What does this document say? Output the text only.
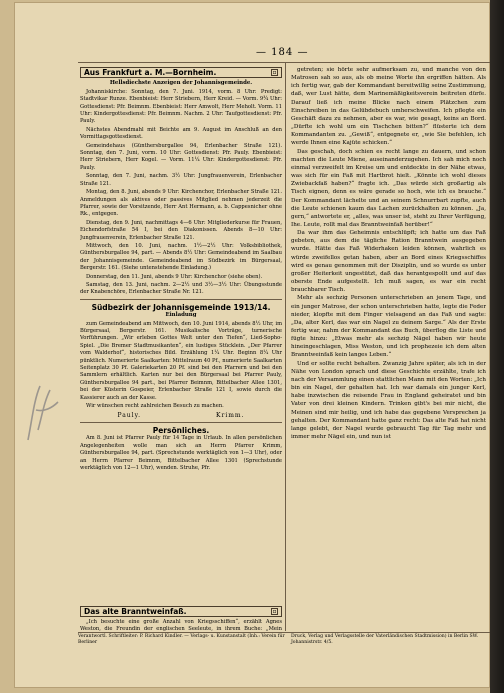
— 184 —
Aus Frankfurt a. M.—Bornheim.	▫
Hellsdiechste Anzeigen der Johannisgemeinde.

Johanniskirche: Sonntag, den 7. Juni. 1914, vorm. 8 Uhr: Predigt: Stadtvikar Runze. Ebenbieist: Herr Striebern, Herr Kreid. — Vorm. 9¾ Uhr: Gottesdienst: Pfr. Beimnm. Ebenbieist: Herr Amwolt, Herr Meholt. Vorm. 11 Uhr: Kindergottesdienst: Pfr. Beimnm. Nachm. 2 Uhr: Taufgottesdienst: Pfr. Pauly.

Nächstes Abendmahl mit Beichte am 9. August im Anschluß an den Vormittagsgottesdienst.

Gemeindehaus (Günthersburgallee 94, Erlenbacher Straße 121). Sonntag, den 7. Juni, vorm. 10 Uhr: Gottesdienst: Pfr. Pauly. Ebenbieist: Herr Striebern, Herr Kogel. — Vorm. 11¼ Uhr: Kindergottesdienst: Pfr. Pauly.

Sonntag, den 7. Juni, nachm. 3½ Uhr: Jungfrauenverein, Erlenbacher Straße 121.

Montag, den 8. Juni, abends 9 Uhr: Kirchenchor, Erlenbacher Straße 121. Anmeldungen als aktives oder passives Mitglied nehmen jederzeit die Pfarrer, sowie der Vorsitzende, Herr Ant Hermann, a. b. Cappesnicher ohne Rk., entgegen.

Dienstag, den 9. Juni, nachmittags 4—6 Uhr: Mitgliederkurse für Frauen, Eichendorfstraße 54 I, bei den Diakonissen. Abends 8—10 Uhr: Jungfrauenverein, Erlenbacher Straße 121.

Mittwoch, den 10. Juni, nachm. 1½—2½ Uhr: Volksbibliothek, Günthersburgallee 94, part. — Abends 8½ Uhr: Gemeindeabend im Saalbau der Johannisgemeinde. Gemeindeabend im Südbezirk im Bürgersaal, Bergerstr. 161. (Siehe untenstehende Einladung.)

Donnerstag, den 11. Juni, abends 9 Uhr: Kirchenchor (siehe oben).

Samstag, den 13. Juni, nachm. 2—2½ und 3½—3½ Uhr: Übungsstunde der Knabenchöre, Erlenbacher Straße Nr. 121.

Südbezirk der Johannisgemeinde 1913/14.
Einladung

zum Gemeindeabend am Mittwoch, den 10. Juni 1914, abends 8½ Uhr, im Bürgersaal, Bergerstr. 161. Musikalische Vorträge, turnerische Vorführungen. „Wir erleben Gottes Welt unter den Tiefen“, Lied-Sopho-Spiel. „Die Bremer Stadtmusikanten“, ein lustiges Stücklein. „Der Pfarrer vom Walderhof“, historisches Bild. Erzählung 1¼ Uhr. Beginn 8¼ Uhr pünktlich. Numerierte Saalkarten: Mittelraum 40 Pf., numerierte Saalkarten Seitenplatz 30 Pf. Galeriekarten 20 Pf. sind bei den Pfarrern und bei den Sammlern erhältlich. Karten nur bei den Bürgersaal bei Pfarrer Pauly, Günthersburgallee 94 part., bei Pfarrer Beimnm, Bittelbacher Allee 1301, bei der Küsterin Gospeier, Erlenbacher Straße 121 I, sowie durch die Kassierer auch an der Kasse.

Wir wünschen recht zahlreichen Besuch zu machen.

Pauly.	Krimm.
Persönliches.

Am 8. Juni ist Pfarrer Pauly für 14 Tage in Urlaub. In allen persönlichen Angelegenheiten wolle man sich an Herrn Pfarrer Krimm, Günthersburgallee 94, part. (Sprechstunde werktäglich von 1—3 Uhr), oder an Herrn Pfarrer Beimnm, Bittelbacher Allee 1301 (Sprechstunde werktäglich von 12—1 Uhr), wenden. Struhe, Pfr.

Das alte Branntweinfaß.	▫

„Ich besuchte eine große Anzahl von Kriegsschiffen“, erzählt Agnes Weston, die Freundin der englischen Seeleute, in ihrem Buche: „Mein

getreten; sie hörte sehr aufmerksam zu, und manche von den Matrosen sah so aus, als ob meine Worte ihn ergriffen hätten. Als ich fertig war, gab der Kommandant bereitwillig seine Zustimmung, daß, wer Lust hätte, dem Marinemäßigkeitsverein beitreten dürfe. Darauf ließ ich meine Blicke nach einem Plätzchen zum Einschreiben in das Gelübdebuch umherschweifen. Ich pflegte ein Geschäft dazu zu nehmen, aber es war, wie gesagt, keins an Bord. „Dürfte ich wohl um ein Tischchen bitten?“ flüsterte ich dem Kommandanten zu. „Gewiß“, entgegnete er, „wie Sie befehlen, ich werde Ihnen eine Kajüte schicken.“

Das geschah, doch schien es recht lange zu dauern, und schon machten die Leute Miene, auseinanderzugehen. Ich sah mich noch einmal verzweifelt im Kreise um und entdeckte in der Nähe etwas, was sich für ein Faß mit Hartbrot hielt. „Könnte ich wohl dieses Zwiebackfaß haben?“ fragte ich. „Das würde sich großartig als Tisch eignen, denn es wäre gerade so hoch, wie ich es brauche.“ Der Kommandant lächelte und an seinem Schnurrbart zupfte, auch die Leute schienen kaum das Lachen zurückhalten zu können. „Ja, gern,“ antwortete er, „alles, was unser ist, steht zu Ihrer Verfügung, Ihe. Leute, rollt mal das Branntweinfaß herüber!“

Da war ihm das Geheimnis entschlüpft; ich hatte um das Faß gebeten, aus dem die tägliche Ration Branntwein ausgegeben wurde. Hätte das Faß Widerhaken leiden können, wahrlich es würde zweifellos getan haben, aber an Bord eines Kriegsschiffes wird es genau genommen mit der Disziplin, und so wurde es unter großer Heiterkeit ungestützt, daß das herantgespollt und auf das oberste Ende aufgestellt. Ich muß sagen, es war ein recht brauchbarer Tisch.

Mehr als sechzig Personen unterschrieben an jenem Tage, und ein junger Matrose, der schon unterschrieben hatte, legte die Feder nieder, klopfte mit dem Finger vielsagend an das Faß und sagte: „Da, alter Kerl, das war ein Nagel zu deinem Sarge.“ Als der Erste fertig war, nahm der Kommandant das Buch, überflog die Liste und fügte hinzu: „Etwas mehr als sechzig Nägel haben wir heute hineingeschlagen, Miss Weston, und ich prophezeie ich dem alten Branntweinfaß kein langes Leben.“

Und er sollte recht behalten. Zwanzig Jahre später, als ich in der Nähe von London sprach und diese Geschichte erzählte, trafe ich nach der Versammlung einen stattlichen Mann mit den Worten: „Ich bin ein Nagel, der gehalten hat. Ich war damals ein junger Kerl, habe inzwischen die reisende Frau in England geheiratet und bin Vater von drei kleinen Kindern. Trinken gibt's bei mir nicht, die Meinen sind mir heilig, und ich habe das gegebene Versprechen ja gehalten. Der Kommandant hatte ganz recht: Das alte Faß hat nicht lange gelebt, der Nagel wurde gebraucht Tag für Tag mehr und immer mehr Nägel ein, und nun ist

Verantwortl. Schriftleiter: P. Richard Kindler. — Verlags- u. Kunstanstalt (Inh.: Verein für Berliner
Druck, Verlag und Verlagsstelle der Vaterländischen Stadtmission) in Berlin SW. Johannistrstr. 4/5.
